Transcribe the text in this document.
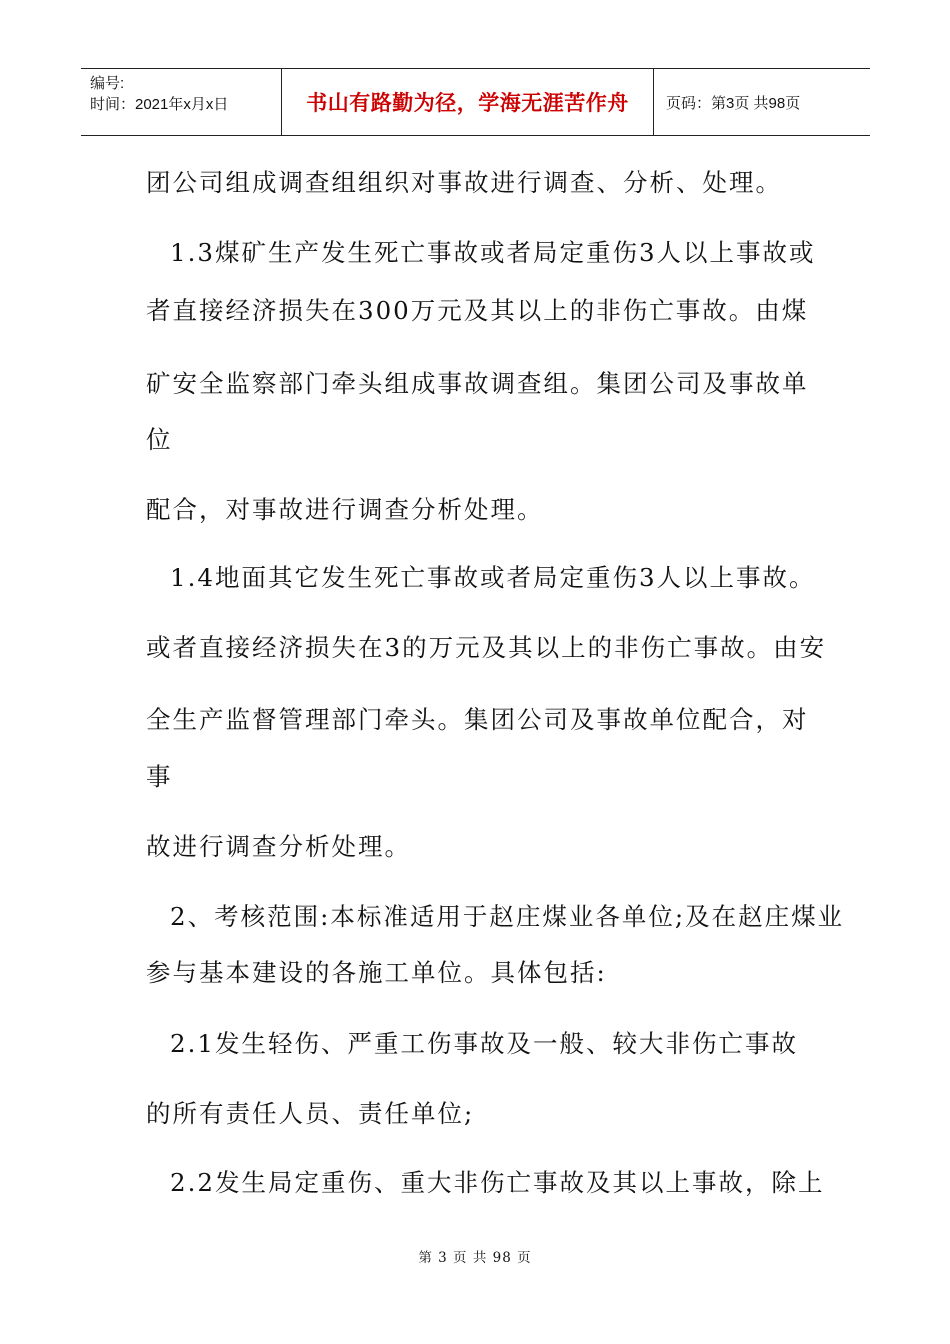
编号:
时间：2021年x月x日	书山有路勤为径，学海无涯苦作舟	页码：第3页 共98页

团公司组成调查组组织对事故进行调查、分析、处理。

1.3煤矿生产发生死亡事故或者局定重伤3人以上事故或

者直接经济损失在300万元及其以上的非伤亡事故。由煤

矿安全监察部门牵头组成事故调查组。集团公司及事故单

位

配合，对事故进行调查分析处理。

1.4地面其它发生死亡事故或者局定重伤3人以上事故。

或者直接经济损失在3的万元及其以上的非伤亡事故。由安

全生产监督管理部门牵头。集团公司及事故单位配合，对

事

故进行调查分析处理。

2、考核范围:本标准适用于赵庄煤业各单位;及在赵庄煤业

参与基本建设的各施工单位。具体包括:

2.1发生轻伤、严重工伤事故及一般、较大非伤亡事故

的所有责任人员、责任单位;

2.2发生局定重伤、重大非伤亡事故及其以上事故，除上

第 3 页 共 98 页
